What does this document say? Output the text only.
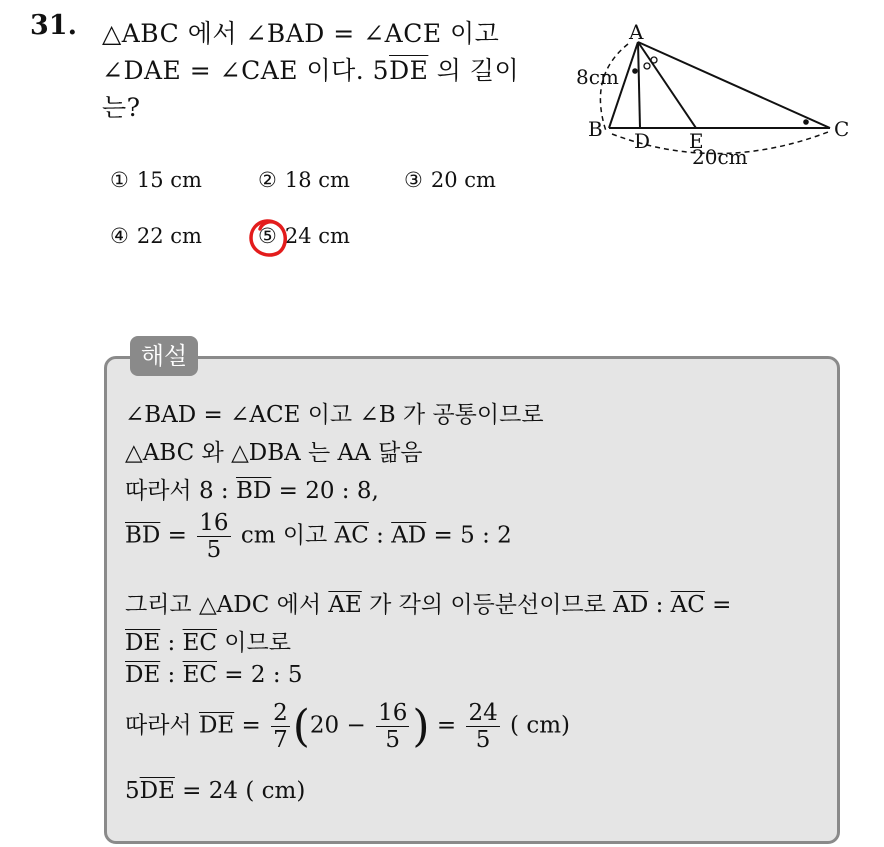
31. △ABC 에서 ∠BAD = ∠ACE 이고
∠DAE = ∠CAE 이다. $5\overline{DE}$ 의 길이
는?
① 15 cm	② 18 cm	③ 20 cm
④ 22 cm	⑤ 24 cm
A
B	C
D E
8cm
20cm
해설
∠BAD = ∠ACE 이고 ∠B 가 공통이므로
△ABC 와 △DBA 는 AA 닮음
따라서 8 : $\overline{BD} = 20$ : 8,
$\overline{BD} = \frac{16}{5}$ cm 이고 $\overline{AC}$ : $\overline{AD} = 5$ : 2
그리고 △ADC 에서 $\overline{AE}$ 가 각의 이등분선이므로 $\overline{AD}$ : $\overline{AC}$ =
$\overline{DE}$ : $\overline{EC}$ 이므로
$\overline{DE}$ : $\overline{EC} = 2$ : 5
따라서 $\overline{DE} = \frac{2}{7} (20 - \frac{16}{5}$ ) = $\frac{24}{5}$ ( cm)
$5\overline{DE} = 24$ ( cm)
